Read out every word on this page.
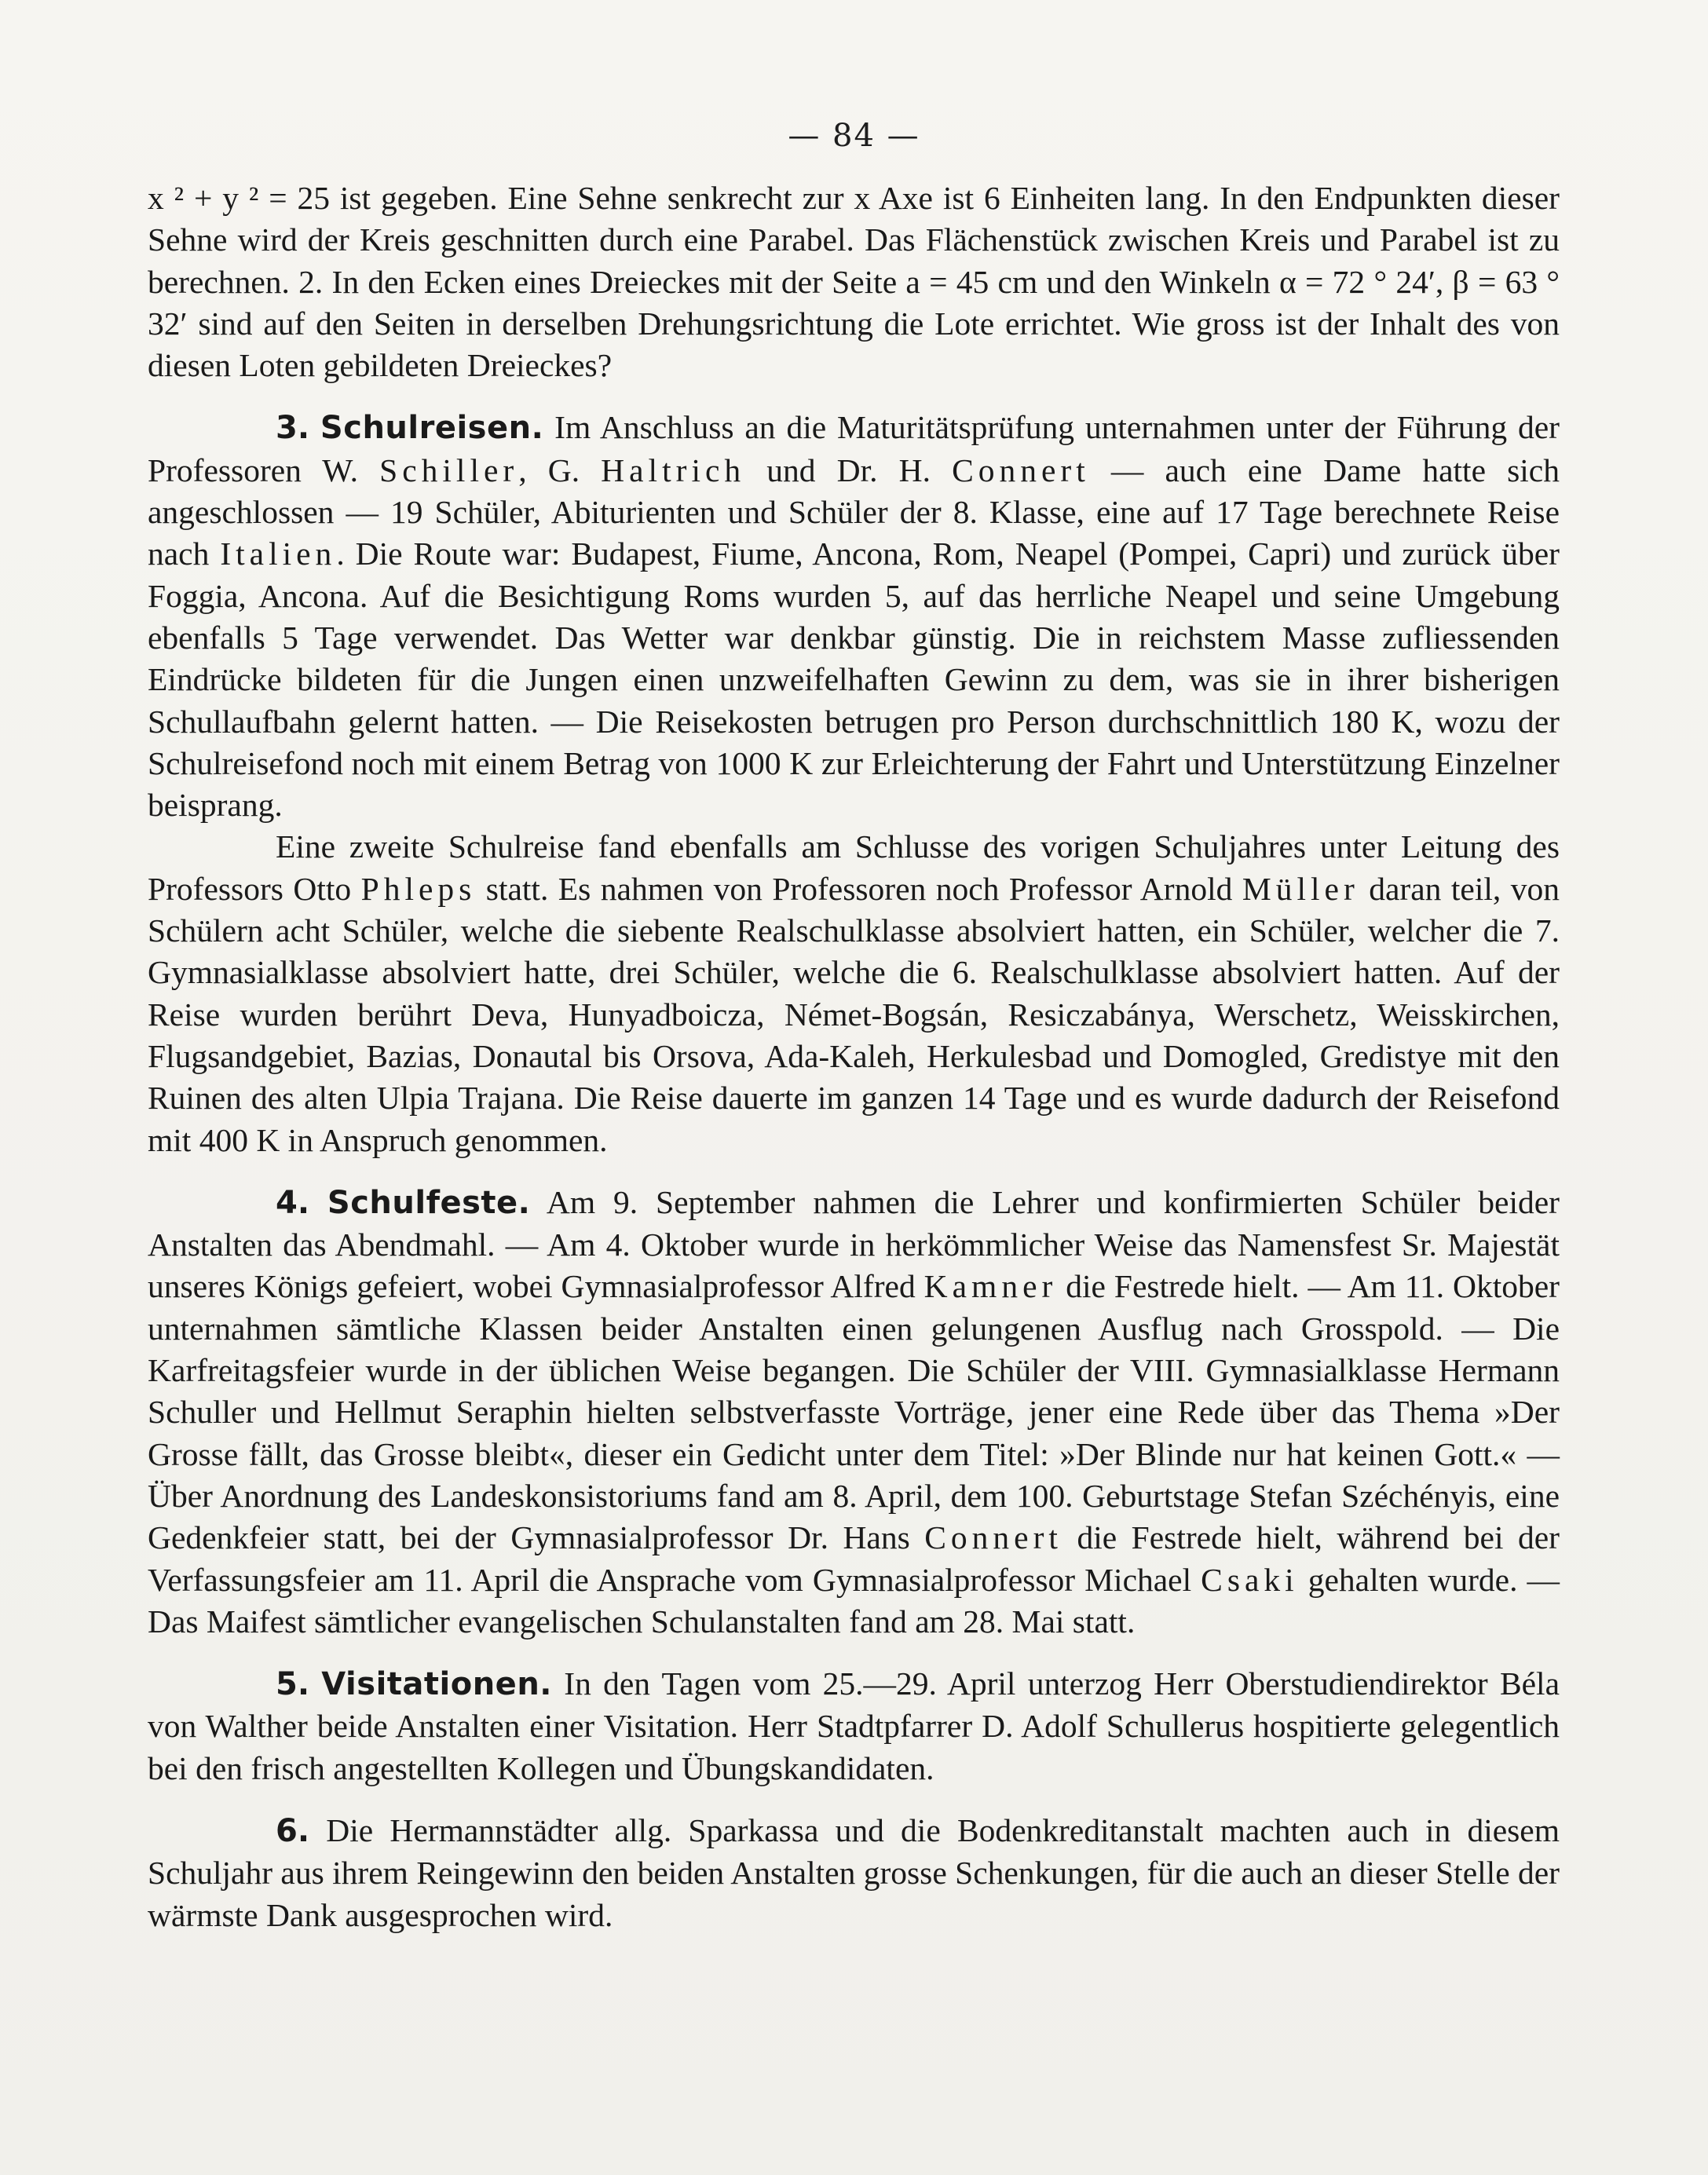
— 84 —

x ² + y ² = 25 ist gegeben. Eine Sehne senkrecht zur x Axe ist 6 Einheiten lang. In den Endpunkten dieser Sehne wird der Kreis geschnitten durch eine Parabel. Das Flächenstück zwischen Kreis und Parabel ist zu berechnen. 2. In den Ecken eines Dreieckes mit der Seite a = 45 cm und den Winkeln α = 72 ° 24′, β = 63 ° 32′ sind auf den Seiten in derselben Drehungsrichtung die Lote errichtet. Wie gross ist der Inhalt des von diesen Loten gebildeten Dreieckes?

3. Schulreisen. Im Anschluss an die Maturitätsprüfung unternahmen unter der Führung der Professoren W. Schiller, G. Haltrich und Dr. H. Connert — auch eine Dame hatte sich angeschlossen — 19 Schüler, Abiturienten und Schüler der 8. Klasse, eine auf 17 Tage berechnete Reise nach Italien. Die Route war: Budapest, Fiume, Ancona, Rom, Neapel (Pompei, Capri) und zurück über Foggia, Ancona. Auf die Besichtigung Roms wurden 5, auf das herrliche Neapel und seine Umgebung ebenfalls 5 Tage verwendet. Das Wetter war denkbar günstig. Die in reichstem Masse zufliessenden Eindrücke bildeten für die Jungen einen unzweifelhaften Gewinn zu dem, was sie in ihrer bisherigen Schullaufbahn gelernt hatten. — Die Reisekosten betrugen pro Person durchschnittlich 180 K, wozu der Schulreisefond noch mit einem Betrag von 1000 K zur Erleichterung der Fahrt und Unterstützung Einzelner beisprang.

Eine zweite Schulreise fand ebenfalls am Schlusse des vorigen Schuljahres unter Leitung des Professors Otto Phleps statt. Es nahmen von Professoren noch Professor Arnold Müller daran teil, von Schülern acht Schüler, welche die siebente Realschulklasse absolviert hatten, ein Schüler, welcher die 7. Gymnasialklasse absolviert hatte, drei Schüler, welche die 6. Realschulklasse absolviert hatten. Auf der Reise wurden berührt Deva, Hunyadboicza, Német-Bogsán, Resiczabánya, Werschetz, Weisskirchen, Flugsandgebiet, Bazias, Donautal bis Orsova, Ada-Kaleh, Herkulesbad und Domogled, Gredistye mit den Ruinen des alten Ulpia Trajana. Die Reise dauerte im ganzen 14 Tage und es wurde dadurch der Reisefond mit 400 K in Anspruch genommen.

4. Schulfeste. Am 9. September nahmen die Lehrer und konfirmierten Schüler beider Anstalten das Abendmahl. — Am 4. Oktober wurde in herkömmlicher Weise das Namensfest Sr. Majestät unseres Königs gefeiert, wobei Gymnasialprofessor Alfred Kamner die Festrede hielt. — Am 11. Oktober unternahmen sämtliche Klassen beider Anstalten einen gelungenen Ausflug nach Grosspold. — Die Karfreitagsfeier wurde in der üblichen Weise begangen. Die Schüler der VIII. Gymnasialklasse Hermann Schuller und Hellmut Seraphin hielten selbstverfasste Vorträge, jener eine Rede über das Thema »Der Grosse fällt, das Grosse bleibt«, dieser ein Gedicht unter dem Titel: »Der Blinde nur hat keinen Gott.« — Über Anordnung des Landeskonsistoriums fand am 8. April, dem 100. Geburtstage Stefan Széchényis, eine Gedenkfeier statt, bei der Gymnasialprofessor Dr. Hans Connert die Festrede hielt, während bei der Verfassungsfeier am 11. April die Ansprache vom Gymnasialprofessor Michael Csaki gehalten wurde. — Das Maifest sämtlicher evangelischen Schulanstalten fand am 28. Mai statt.

5. Visitationen. In den Tagen vom 25.—29. April unterzog Herr Oberstudiendirektor Béla von Walther beide Anstalten einer Visitation. Herr Stadtpfarrer D. Adolf Schullerus hospitierte gelegentlich bei den frisch angestellten Kollegen und Übungskandidaten.

6. Die Hermannstädter allg. Sparkassa und die Bodenkreditanstalt machten auch in diesem Schuljahr aus ihrem Reingewinn den beiden Anstalten grosse Schenkungen, für die auch an dieser Stelle der wärmste Dank ausgesprochen wird.
